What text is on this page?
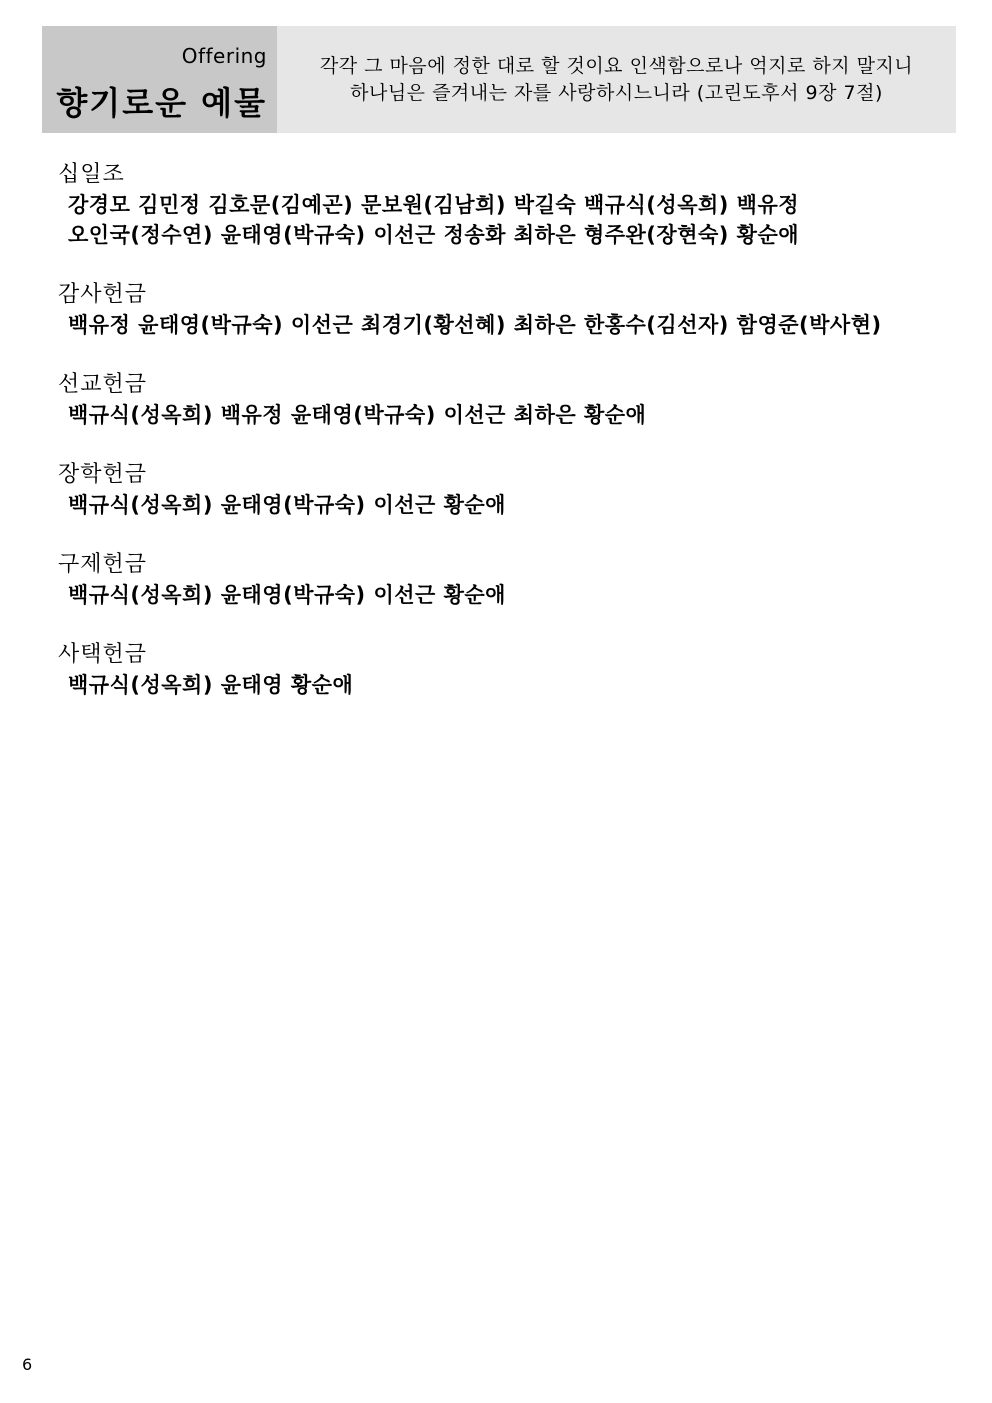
Offering
향기로운 예물
각각 그 마음에 정한 대로 할 것이요 인색함으로나 억지로 하지 말지니
하나님은 즐겨내는 자를 사랑하시느니라 (고린도후서 9장 7절)
십일조
강경모 김민정 김호문(김예곤) 문보원(김남희) 박길숙 백규식(성옥희) 백유정
오인국(정수연) 윤태영(박규숙) 이선근 정송화 최하은 형주완(장현숙) 황순애
감사헌금
백유정 윤태영(박규숙) 이선근 최경기(황선혜) 최하은 한홍수(김선자) 함영준(박사현)
선교헌금
백규식(성옥희) 백유정 윤태영(박규숙) 이선근 최하은 황순애
장학헌금
백규식(성옥희) 윤태영(박규숙) 이선근 황순애
구제헌금
백규식(성옥희) 윤태영(박규숙) 이선근 황순애
사택헌금
백규식(성옥희) 윤태영 황순애
6
